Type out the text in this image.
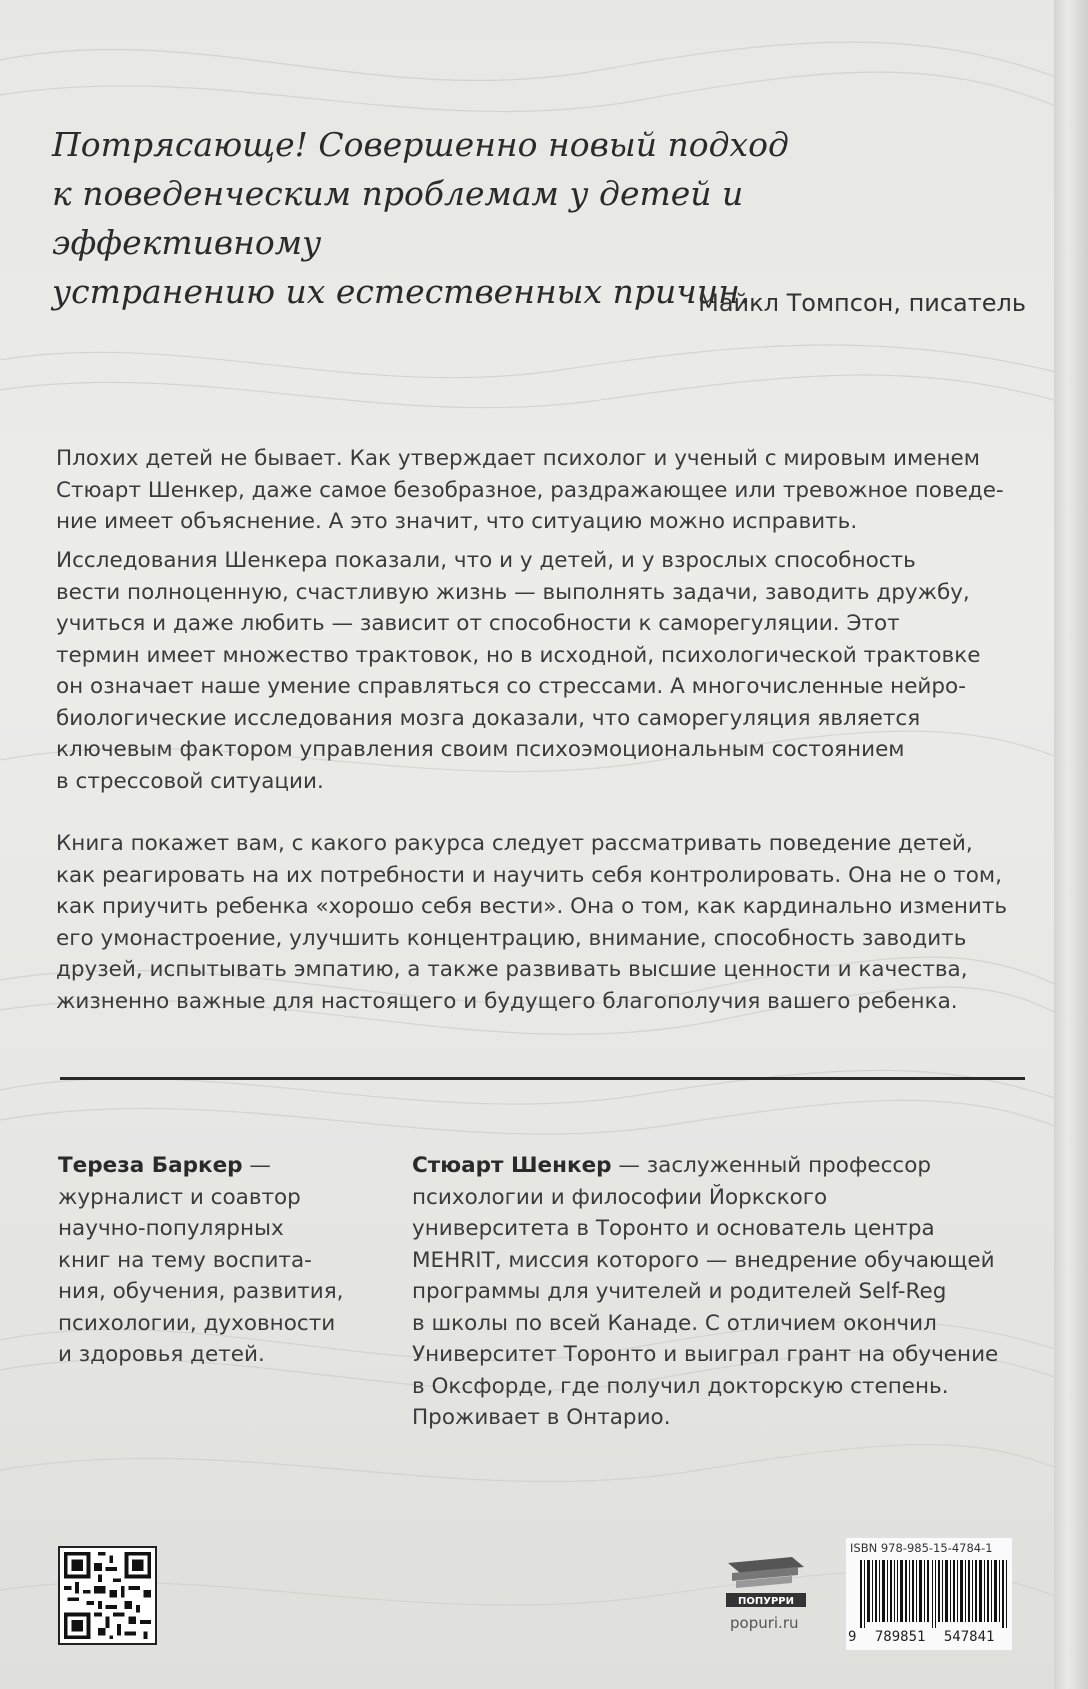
Потрясающе! Совершенно новый подход
к поведенческим проблемам у детей и эффективному
устранению их естественных причин.

Майкл Томпсон, писатель

Плохих детей не бывает. Как утверждает психолог и ученый с мировым именем
Стюарт Шенкер, даже самое безобразное, раздражающее или тревожное поведе-
ние имеет объяснение. А это значит, что ситуацию можно исправить.

Исследования Шенкера показали, что и у детей, и у взрослых способность
вести полноценную, счастливую жизнь — выполнять задачи, заводить дружбу,
учиться и даже любить — зависит от способности к саморегуляции. Этот
термин имеет множество трактовок, но в исходной, психологической трактовке
он означает наше умение справляться со стрессами. А многочисленные нейро-
биологические исследования мозга доказали, что саморегуляция является
ключевым фактором управления своим психоэмоциональным состоянием
в стрессовой ситуации.

Книга покажет вам, с какого ракурса следует рассматривать поведение детей,
как реагировать на их потребности и научить себя контролировать. Она не о том,
как приучить ребенка «хорошо себя вести». Она о том, как кардинально изменить
его умонастроение, улучшить концентрацию, внимание, способность заводить
друзей, испытывать эмпатию, а также развивать высшие ценности и качества,
жизненно важные для настоящего и будущего благополучия вашего ребенка.

Тереза Баркер —
журналист и соавтор
научно-популярных
книг на тему воспита-
ния, обучения, развития,
психологии, духовности
и здоровья детей.

Стюарт Шенкер — заслуженный профессор
психологии и философии Йоркского
университета в Торонто и основатель центра
MEHRIT, миссия которого — внедрение обучающей
программы для учителей и родителей Self-Reg
в школы по всей Канаде. С отличием окончил
Университет Торонто и выиграл грант на обучение
в Оксфорде, где получил докторскую степень.
Проживает в Онтарио.

ПОПУРРИ

popuri.ru

ISBN 978-985-15-4784-1

9 789851 547841
